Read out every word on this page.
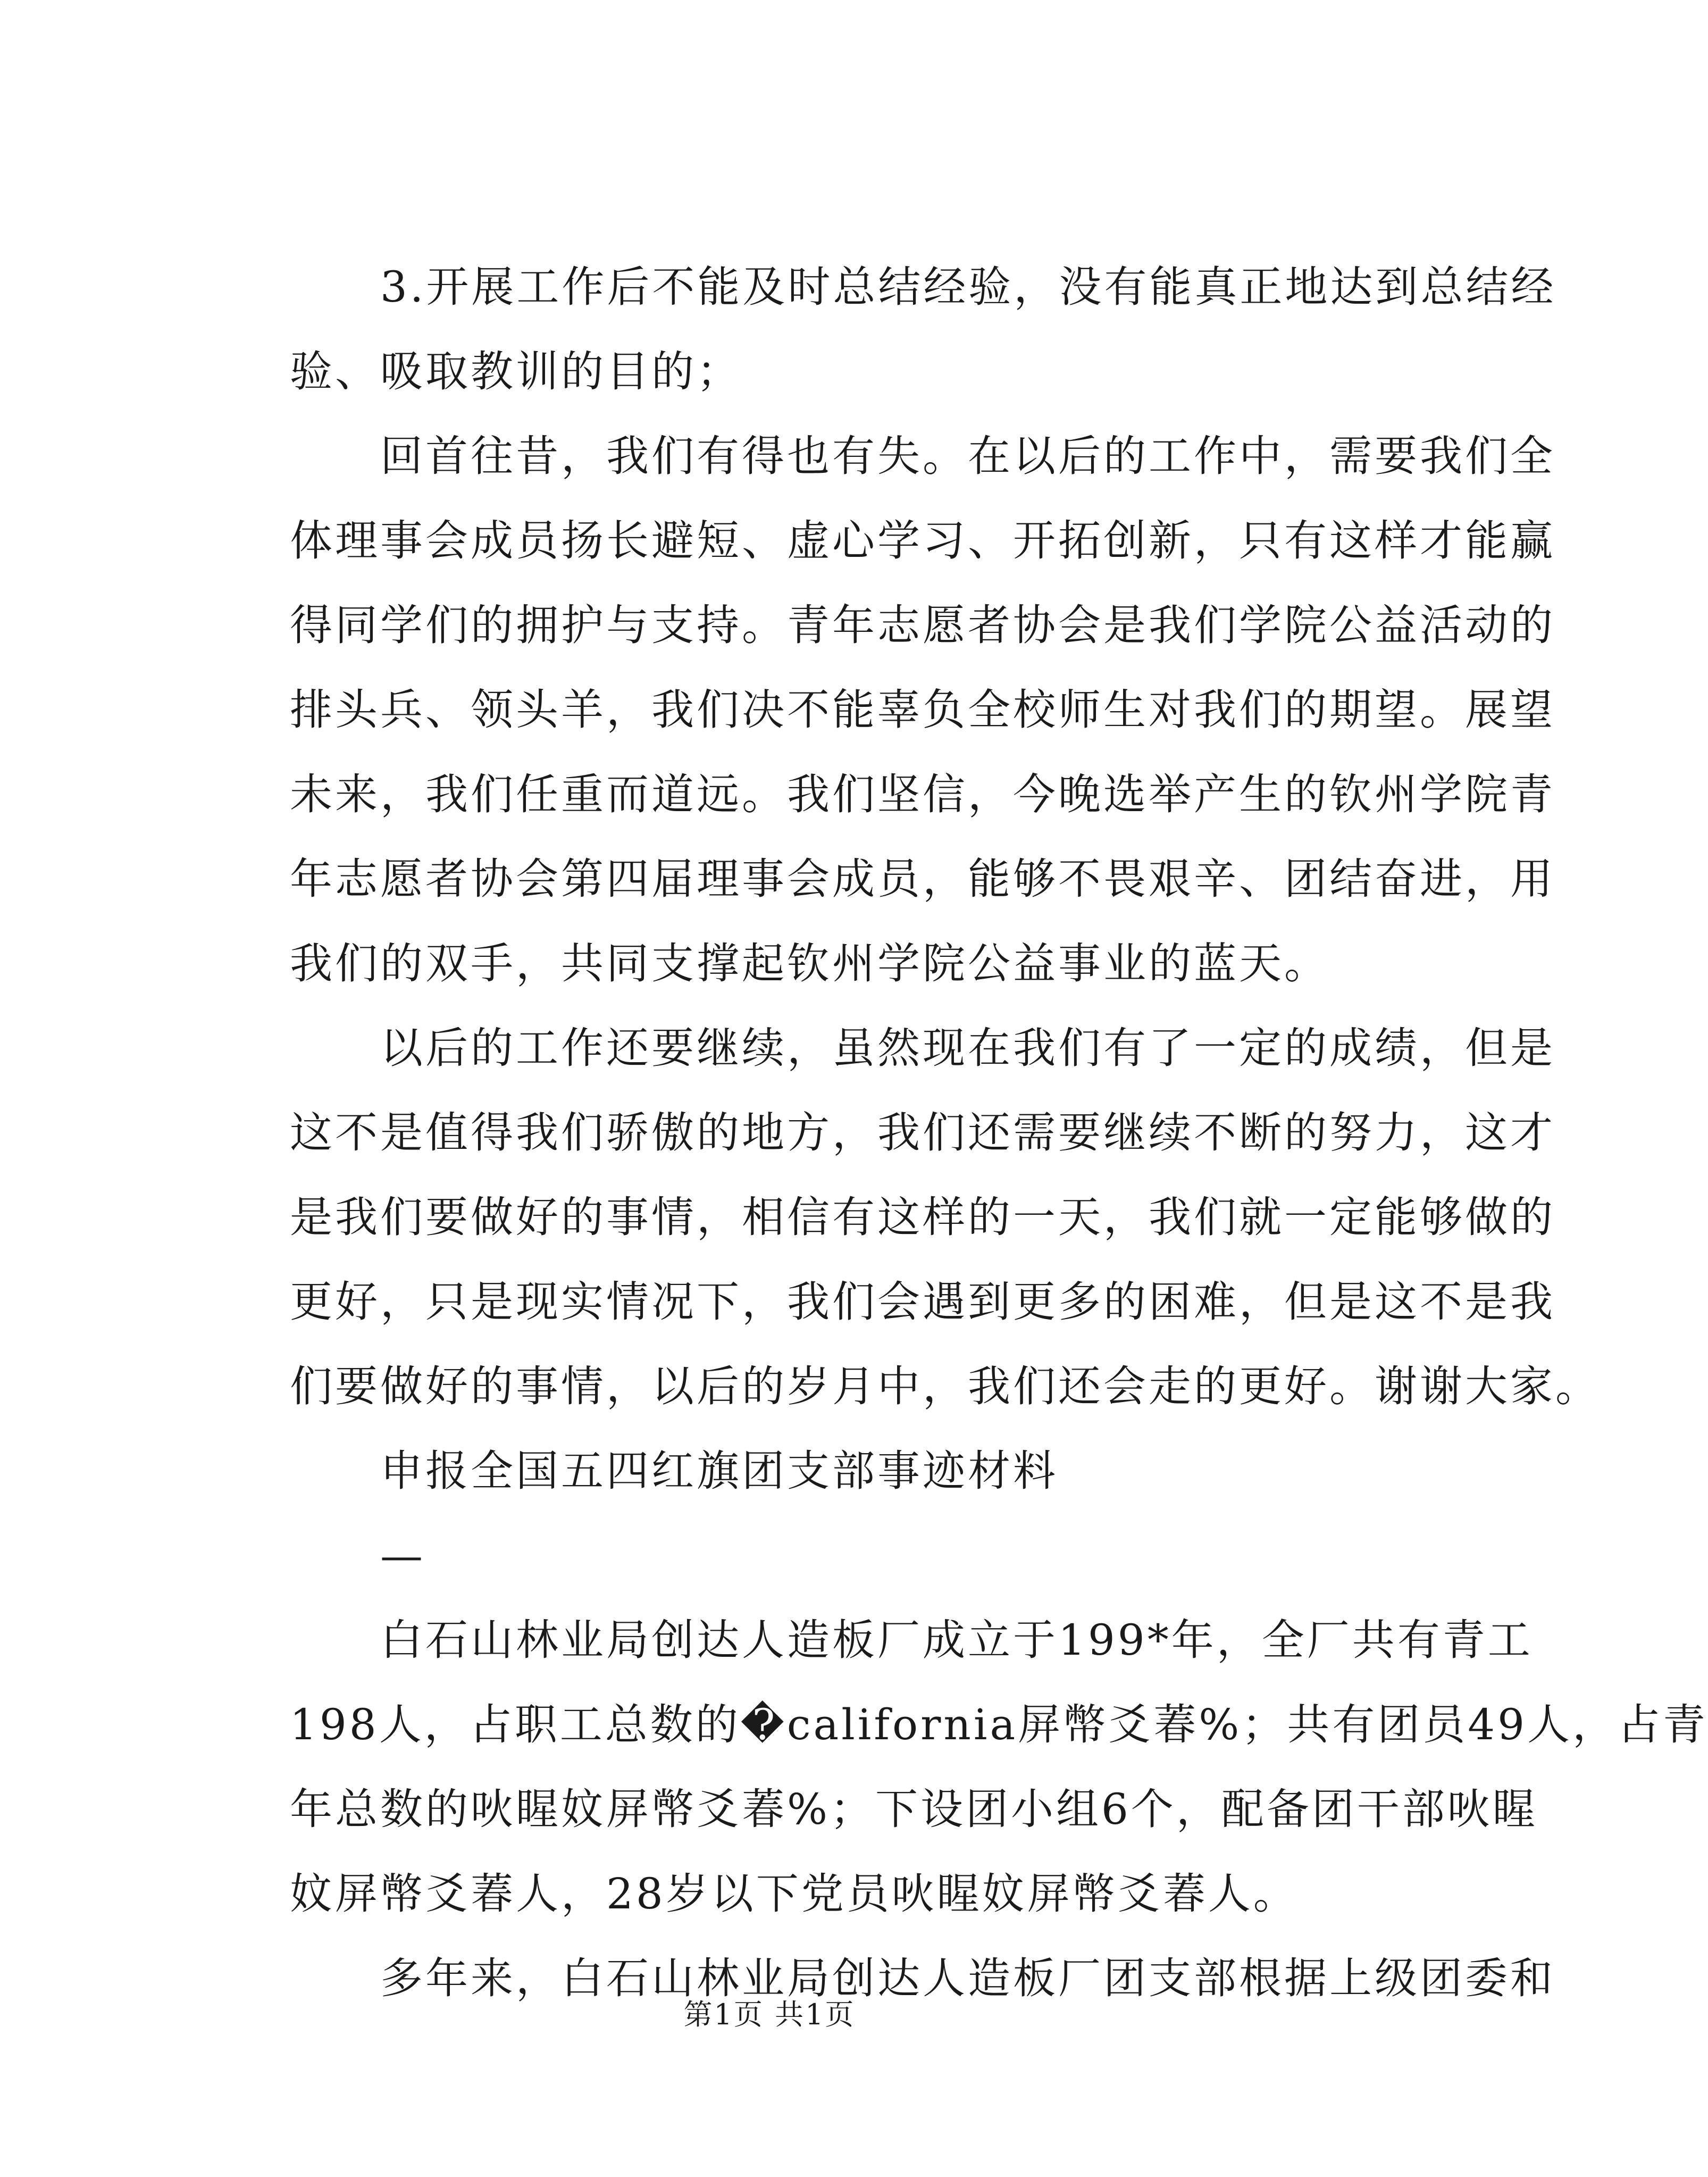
　　3.开展工作后不能及时总结经验，没有能真正地达到总结经
验、吸取教训的目的；
　　回首往昔，我们有得也有失。在以后的工作中，需要我们全
体理事会成员扬长避短、虚心学习、开拓创新，只有这样才能赢
得同学们的拥护与支持。青年志愿者协会是我们学院公益活动的
排头兵、领头羊，我们决不能辜负全校师生对我们的期望。展望
未来，我们任重而道远。我们坚信，今晚选举产生的钦州学院青
年志愿者协会第四届理事会成员，能够不畏艰辛、团结奋进，用
我们的双手，共同支撑起钦州学院公益事业的蓝天。
　　以后的工作还要继续，虽然现在我们有了一定的成绩，但是
这不是值得我们骄傲的地方，我们还需要继续不断的努力，这才
是我们要做好的事情，相信有这样的一天，我们就一定能够做的
更好，只是现实情况下，我们会遇到更多的困难，但是这不是我
们要做好的事情，以后的岁月中，我们还会走的更好。谢谢大家。
　　申报全国五四红旗团支部事迹材料
　　—
　　白石山林业局创达人造板厂成立于199*年，全厂共有青工
198人，占职工总数的�california屏幣爻萶%；共有团员49人，占青
年总数的吙睲妏屏幤爻萶%；下设团小组6个，配备团干部吙睲
妏屏幤爻萶人，28岁以下党员吙睲妏屏幤爻萶人。
　　多年来，白石山林业局创达人造板厂团支部根据上级团委和
第1页 共1页
